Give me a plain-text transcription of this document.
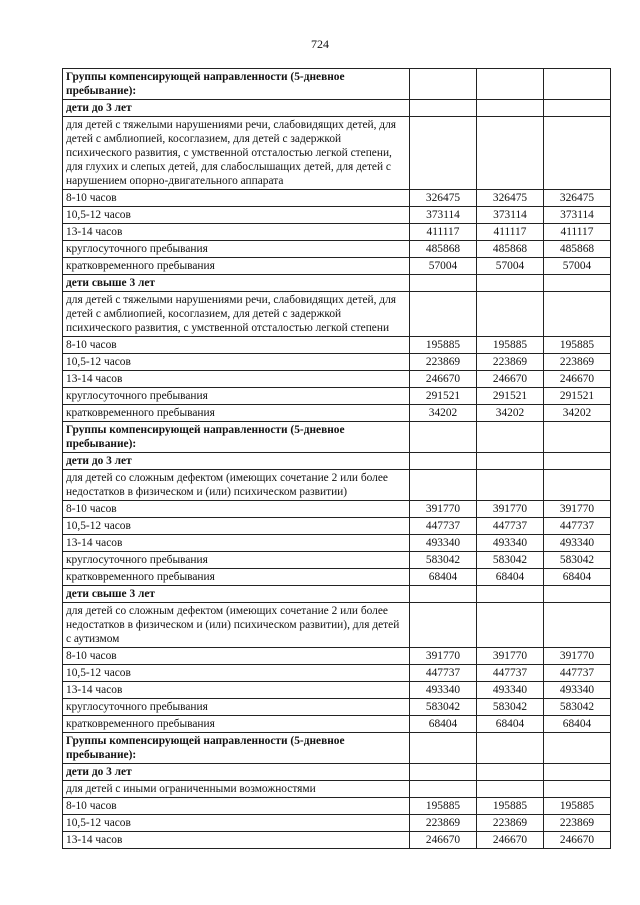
724
Группы компенсирующей направленности (5-дневное пребывание):			
дети до 3 лет			
для детей с тяжелыми нарушениями речи, слабовидящих детей, для детей с амблиопией, косоглазием, для детей с задержкой психического развития, с умственной отсталостью легкой степени, для глухих и слепых детей, для слабослышащих детей, для детей с нарушением опорно-двигательного аппарата			
8-10 часов	326475	326475	326475
10,5-12 часов	373114	373114	373114
13-14 часов	411117	411117	411117
круглосуточного пребывания	485868	485868	485868
кратковременного пребывания	57004	57004	57004
дети свыше 3 лет			
для детей с тяжелыми нарушениями речи, слабовидящих детей, для детей с амблиопией, косоглазием, для детей с задержкой психического развития, с умственной отсталостью легкой степени			
8-10 часов	195885	195885	195885
10,5-12 часов	223869	223869	223869
13-14 часов	246670	246670	246670
круглосуточного пребывания	291521	291521	291521
кратковременного пребывания	34202	34202	34202
Группы компенсирующей направленности (5-дневное пребывание):			
дети до 3 лет			
для детей со сложным дефектом (имеющих сочетание 2 или более недостатков в физическом и (или) психическом развитии)			
8-10 часов	391770	391770	391770
10,5-12 часов	447737	447737	447737
13-14 часов	493340	493340	493340
круглосуточного пребывания	583042	583042	583042
кратковременного пребывания	68404	68404	68404
дети свыше 3 лет			
для детей со сложным дефектом (имеющих сочетание 2 или более недостатков в физическом и (или) психическом развитии), для детей с аутизмом			
8-10 часов	391770	391770	391770
10,5-12 часов	447737	447737	447737
13-14 часов	493340	493340	493340
круглосуточного пребывания	583042	583042	583042
кратковременного пребывания	68404	68404	68404
Группы компенсирующей направленности (5-дневное пребывание):			
дети до 3 лет			
для детей с иными ограниченными возможностями			
8-10 часов	195885	195885	195885
10,5-12 часов	223869	223869	223869
13-14 часов	246670	246670	246670
